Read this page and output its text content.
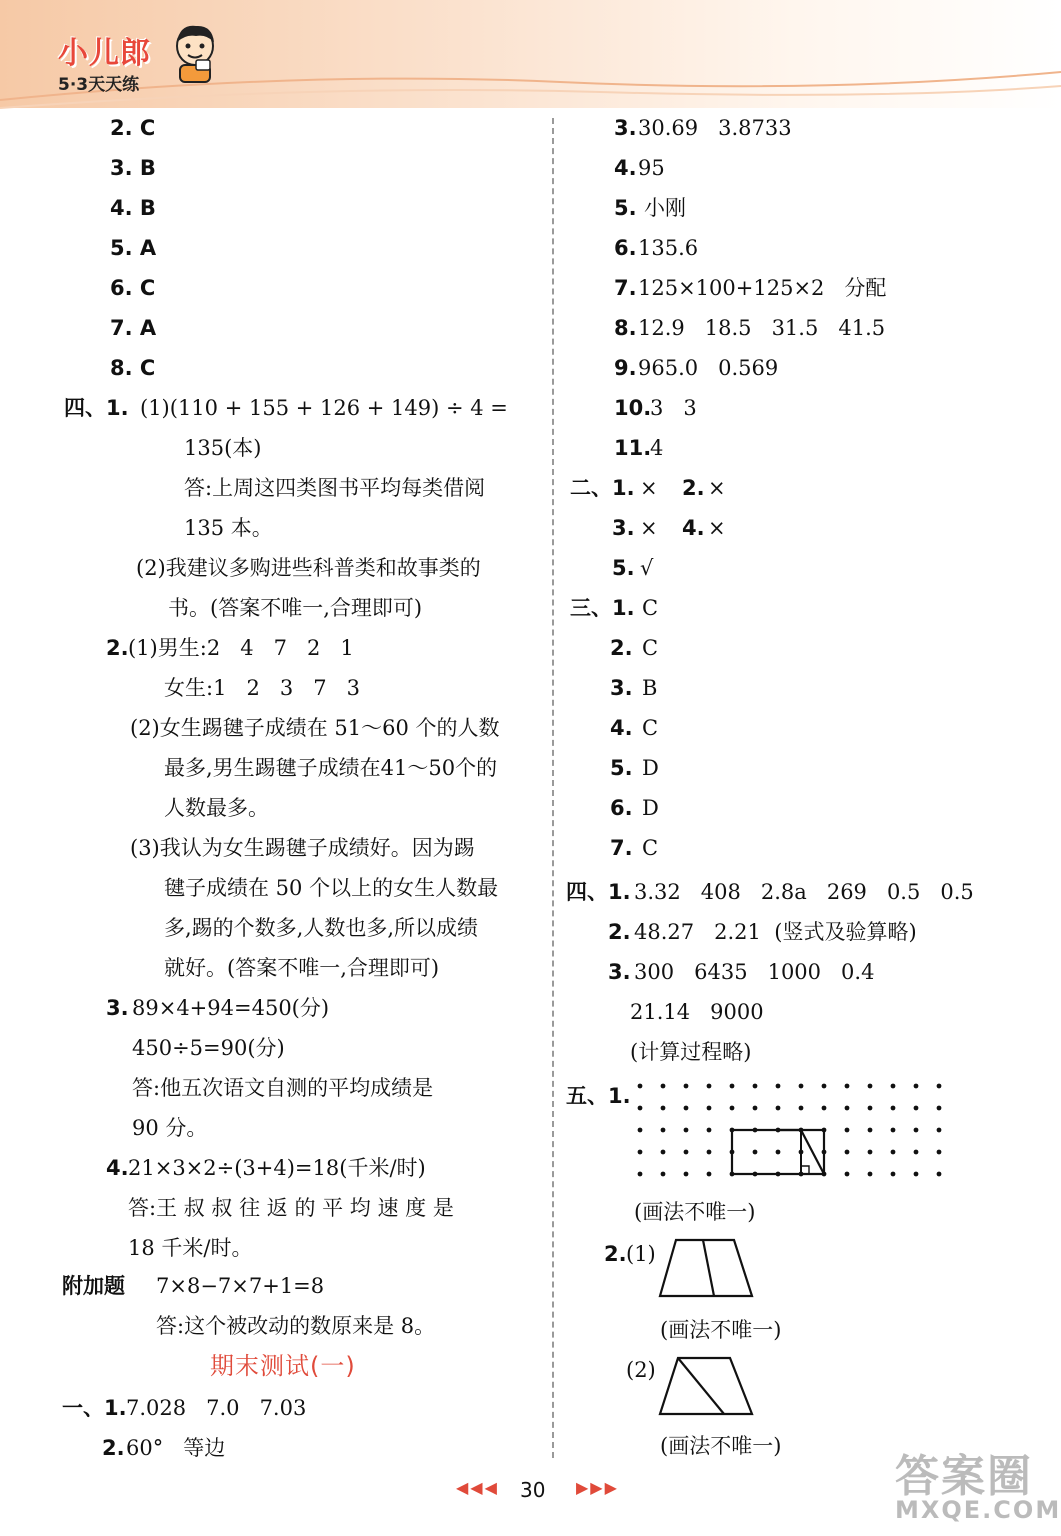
小儿郎
5·3天天练
2. C
3. B
4. B
5. A
6. C
7. A
8. C
四、1. (1)(110 + 155 + 126 + 149) ÷ 4 =
135(本)
答:上周这四类图书平均每类借阅
135 本。
(2)我建议多购进些科普类和故事类的
书。(答案不唯一,合理即可)
2. (1)男生:2   4   7   2   1
女生:1   2   3   7   3
(2)女生踢毽子成绩在 51～60 个的人数
最多,男生踢毽子成绩在41～50个的
人数最多。
(3)我认为女生踢毽子成绩好。因为踢
毽子成绩在 50 个以上的女生人数最
多,踢的个数多,人数也多,所以成绩
就好。(答案不唯一,合理即可)
3. 89×4+94=450(分)
450÷5=90(分)
答:他五次语文自测的平均成绩是
90 分。
4. 21×3×2÷(3+4)=18(千米/时)
答:王 叔 叔 往 返 的 平 均 速 度 是
18 千米/时。
附加题 7×8−7×7+1=8
答:这个被改动的数原来是 8。
期末测试(一)
一、1. 7.028   7.0   7.03
2. 60°   等边
3. 30.69   3.8733
4. 95
5. 小刚
6. 135.6
7. 125×100+125×2   分配
8. 12.9   18.5   31.5   41.5
9. 965.0   0.569
10.
3   3
11.
4
二、1. × 2. ×
3. × 4. ×
5. √
三、1. C
2. C
3. B
4. C
5. D
6. D
7. C
四、1. 3.32   408   2.8a   269   0.5   0.5
2. 48.27   2.21  (竖式及验算略)
3. 300   6435   1000   0.4
21.14   9000
(计算过程略)
五、1.
(画法不唯一)
2. (1)
(画法不唯一)
(2)
(画法不唯一)
◀◀◀ 30 ▶▶▶	答案圈
MXQE.COM
